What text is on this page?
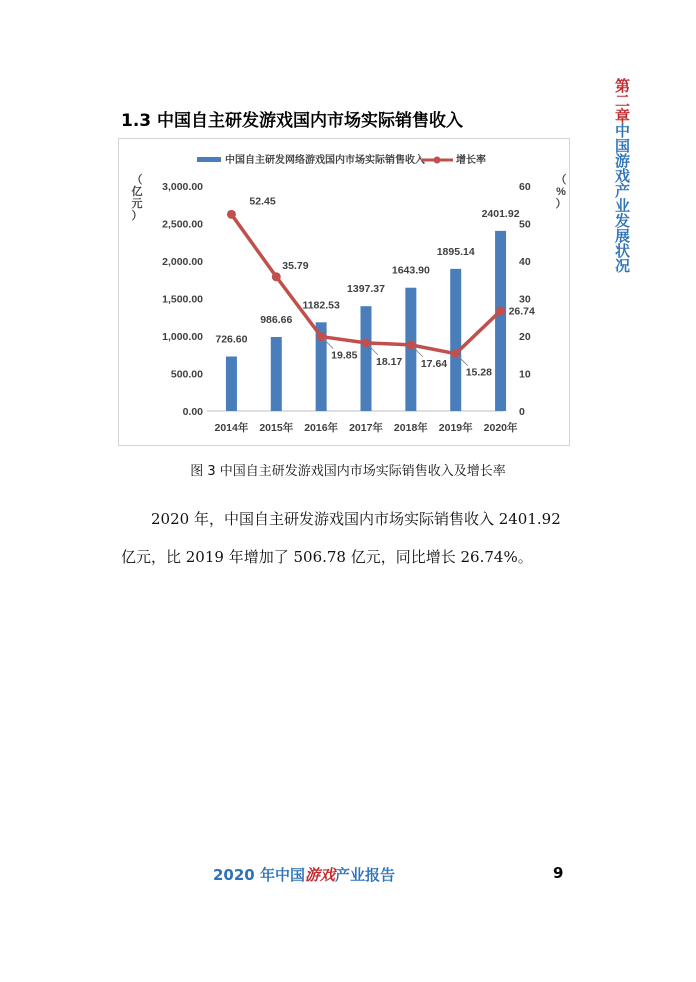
第二章中国游戏产业发展状况
1.3 中国自主研发游戏国内市场实际销售收入
中国自主研发网络游戏国内市场实际销售收入	增长率
（
亿
元
）
（
%
）
0.00
500.00
1,000.00
1,500.00
2,000.00
2,500.00
3,000.00
0
10
20
30
40
50
60
2014年 2015年 2016年 2017年 2018年 2019年 2020年
726.60
986.66
1182.53
1397.37
1643.90
1895.14
2401.92
52.45
35.79
19.85
18.17 17.64
15.28
26.74
图 3 中国自主研发游戏国内市场实际销售收入及增长率
2020 年，中国自主研发游戏国内市场实际销售收入 2401.92
亿元，比 2019 年增加了 506.78 亿元，同比增长 26.74%。
2020 年中国游戏产业报告	9
